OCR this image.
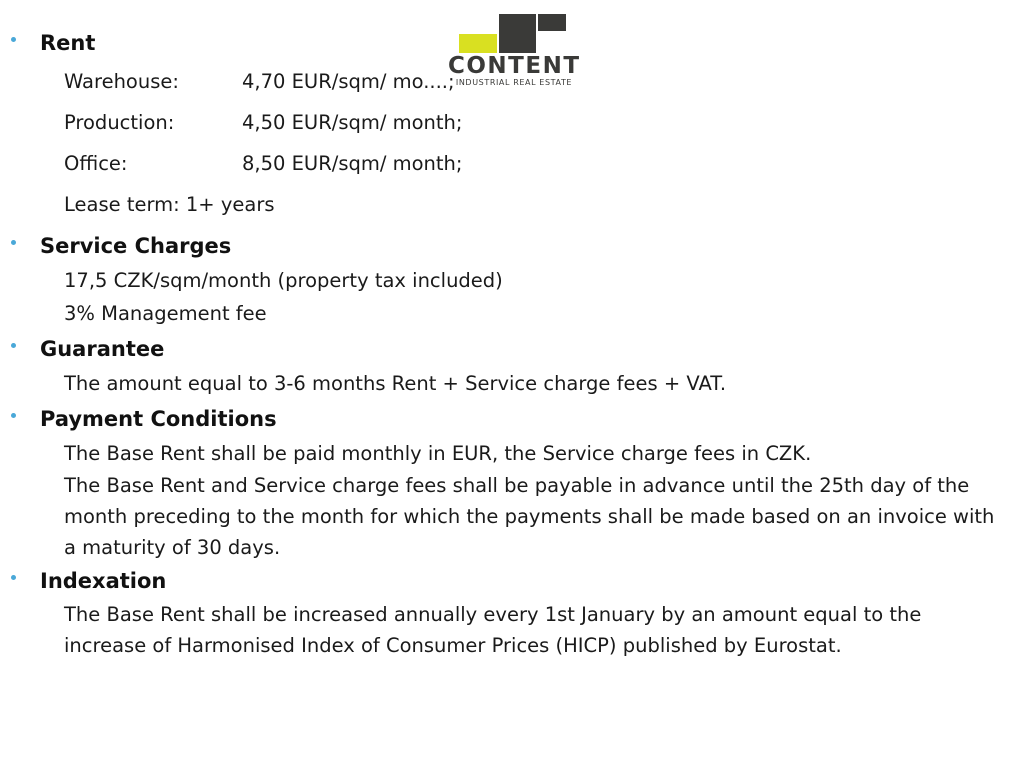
CONTENT
INDUSTRIAL REAL ESTATE
Rent
Warehouse:	4,70 EUR/sqm/ mo....;
Production:	4,50 EUR/sqm/ month;
Office:	8,50 EUR/sqm/ month;
Lease term: 1+ years
Service Charges
17,5 CZK/sqm/month (property tax included)
3% Management fee
Guarantee
The amount equal to 3-6 months Rent + Service charge fees + VAT.
Payment Conditions
The Base Rent shall be paid monthly in EUR, the Service charge fees in CZK.
The Base Rent and Service charge fees shall be payable in advance until the 25th day of the month preceding to the month for which the payments shall be made based on an invoice with a maturity of 30 days.
Indexation
The Base Rent shall be increased annually every 1st January by an amount equal to the increase of Harmonised Index of Consumer Prices (HICP) published by Eurostat.
